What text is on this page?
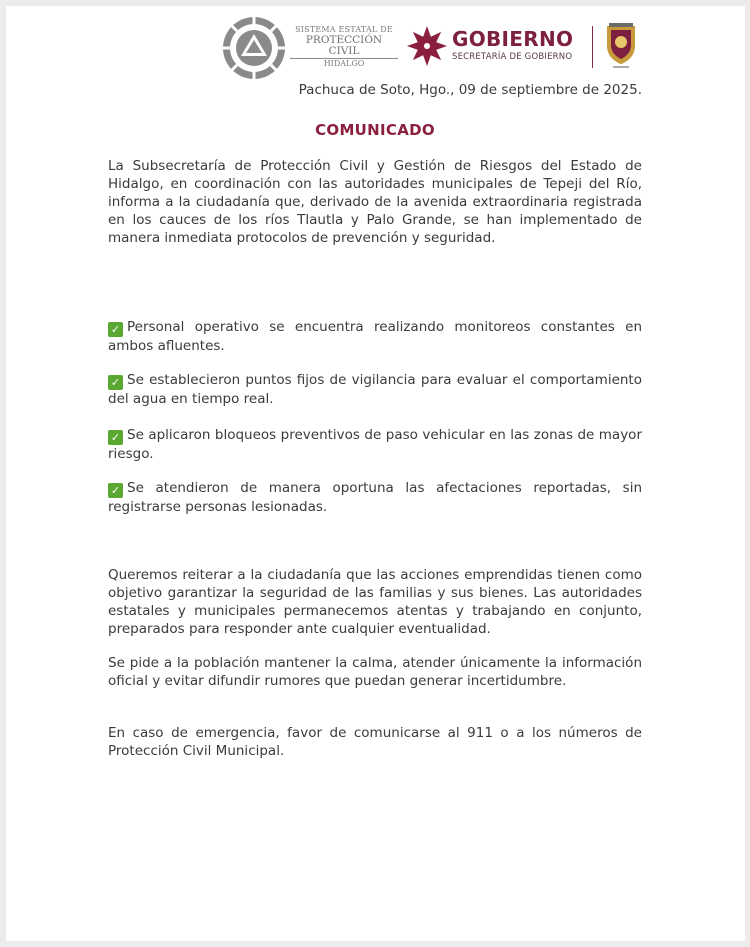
SISTEMA ESTATAL DE
PROTECCIÓN CIVIL
HIDALGO
GOBIERNO
SECRETARÍA DE GOBIERNO
Pachuca de Soto, Hgo., 09 de septiembre de 2025.
COMUNICADO
La Subsecretaría de Protección Civil y Gestión de Riesgos del Estado de Hidalgo, en coordinación con las autoridades municipales de Tepeji del Río, informa a la ciudadanía que, derivado de la avenida extraordinaria registrada en los cauces de los ríos Tlautla y Palo Grande, se han implementado de manera inmediata protocolos de prevención y seguridad.
✓ Personal operativo se encuentra realizando monitoreos constantes en ambos afluentes.
✓ Se establecieron puntos fijos de vigilancia para evaluar el comportamiento del agua en tiempo real.
✓ Se aplicaron bloqueos preventivos de paso vehicular en las zonas de mayor riesgo.
✓ Se atendieron de manera oportuna las afectaciones reportadas, sin registrarse personas lesionadas.
Queremos reiterar a la ciudadanía que las acciones emprendidas tienen como objetivo garantizar la seguridad de las familias y sus bienes. Las autoridades estatales y municipales permanecemos atentas y trabajando en conjunto, preparados para responder ante cualquier eventualidad.
Se pide a la población mantener la calma, atender únicamente la información oficial y evitar difundir rumores que puedan generar incertidumbre.
En caso de emergencia, favor de comunicarse al 911 o a los números de Protección Civil Municipal.
